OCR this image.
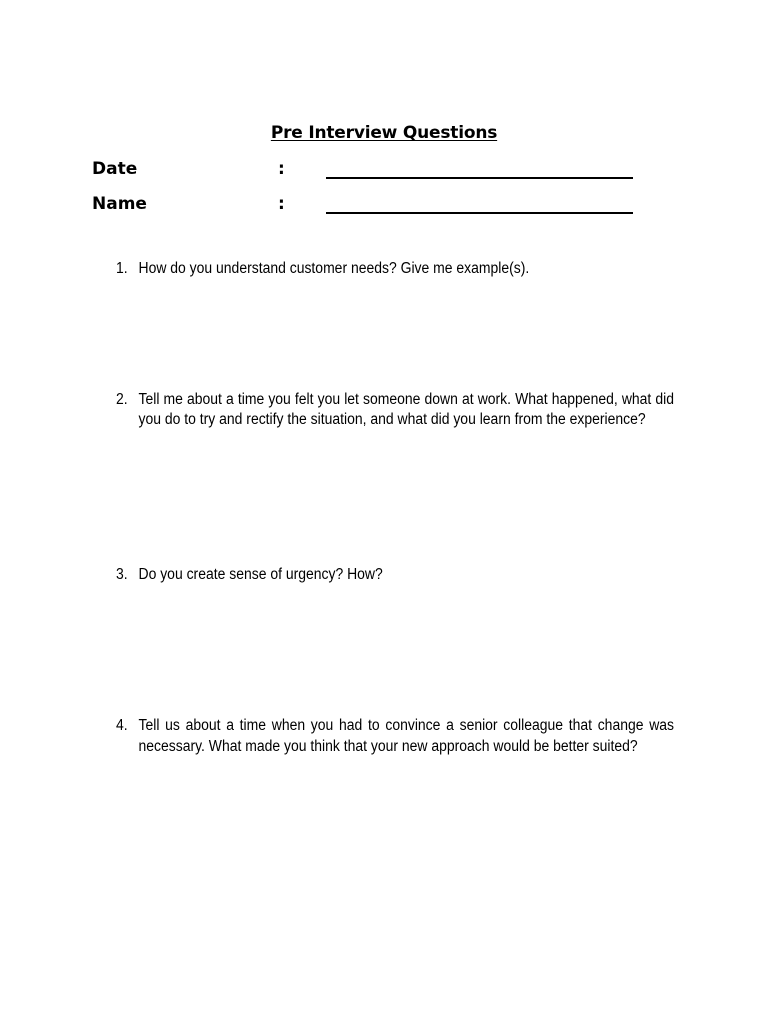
Pre Interview Questions
Date	:
Name	:
1. How do you understand customer needs? Give me example(s).
2. Tell me about a time you felt you let someone down at work. What happened, what did you do to try and rectify the situation, and what did you learn from the experience?
3. Do you create sense of urgency? How?
4. Tell us about a time when you had to convince a senior colleague that change was necessary. What made you think that your new approach would be better suited?
